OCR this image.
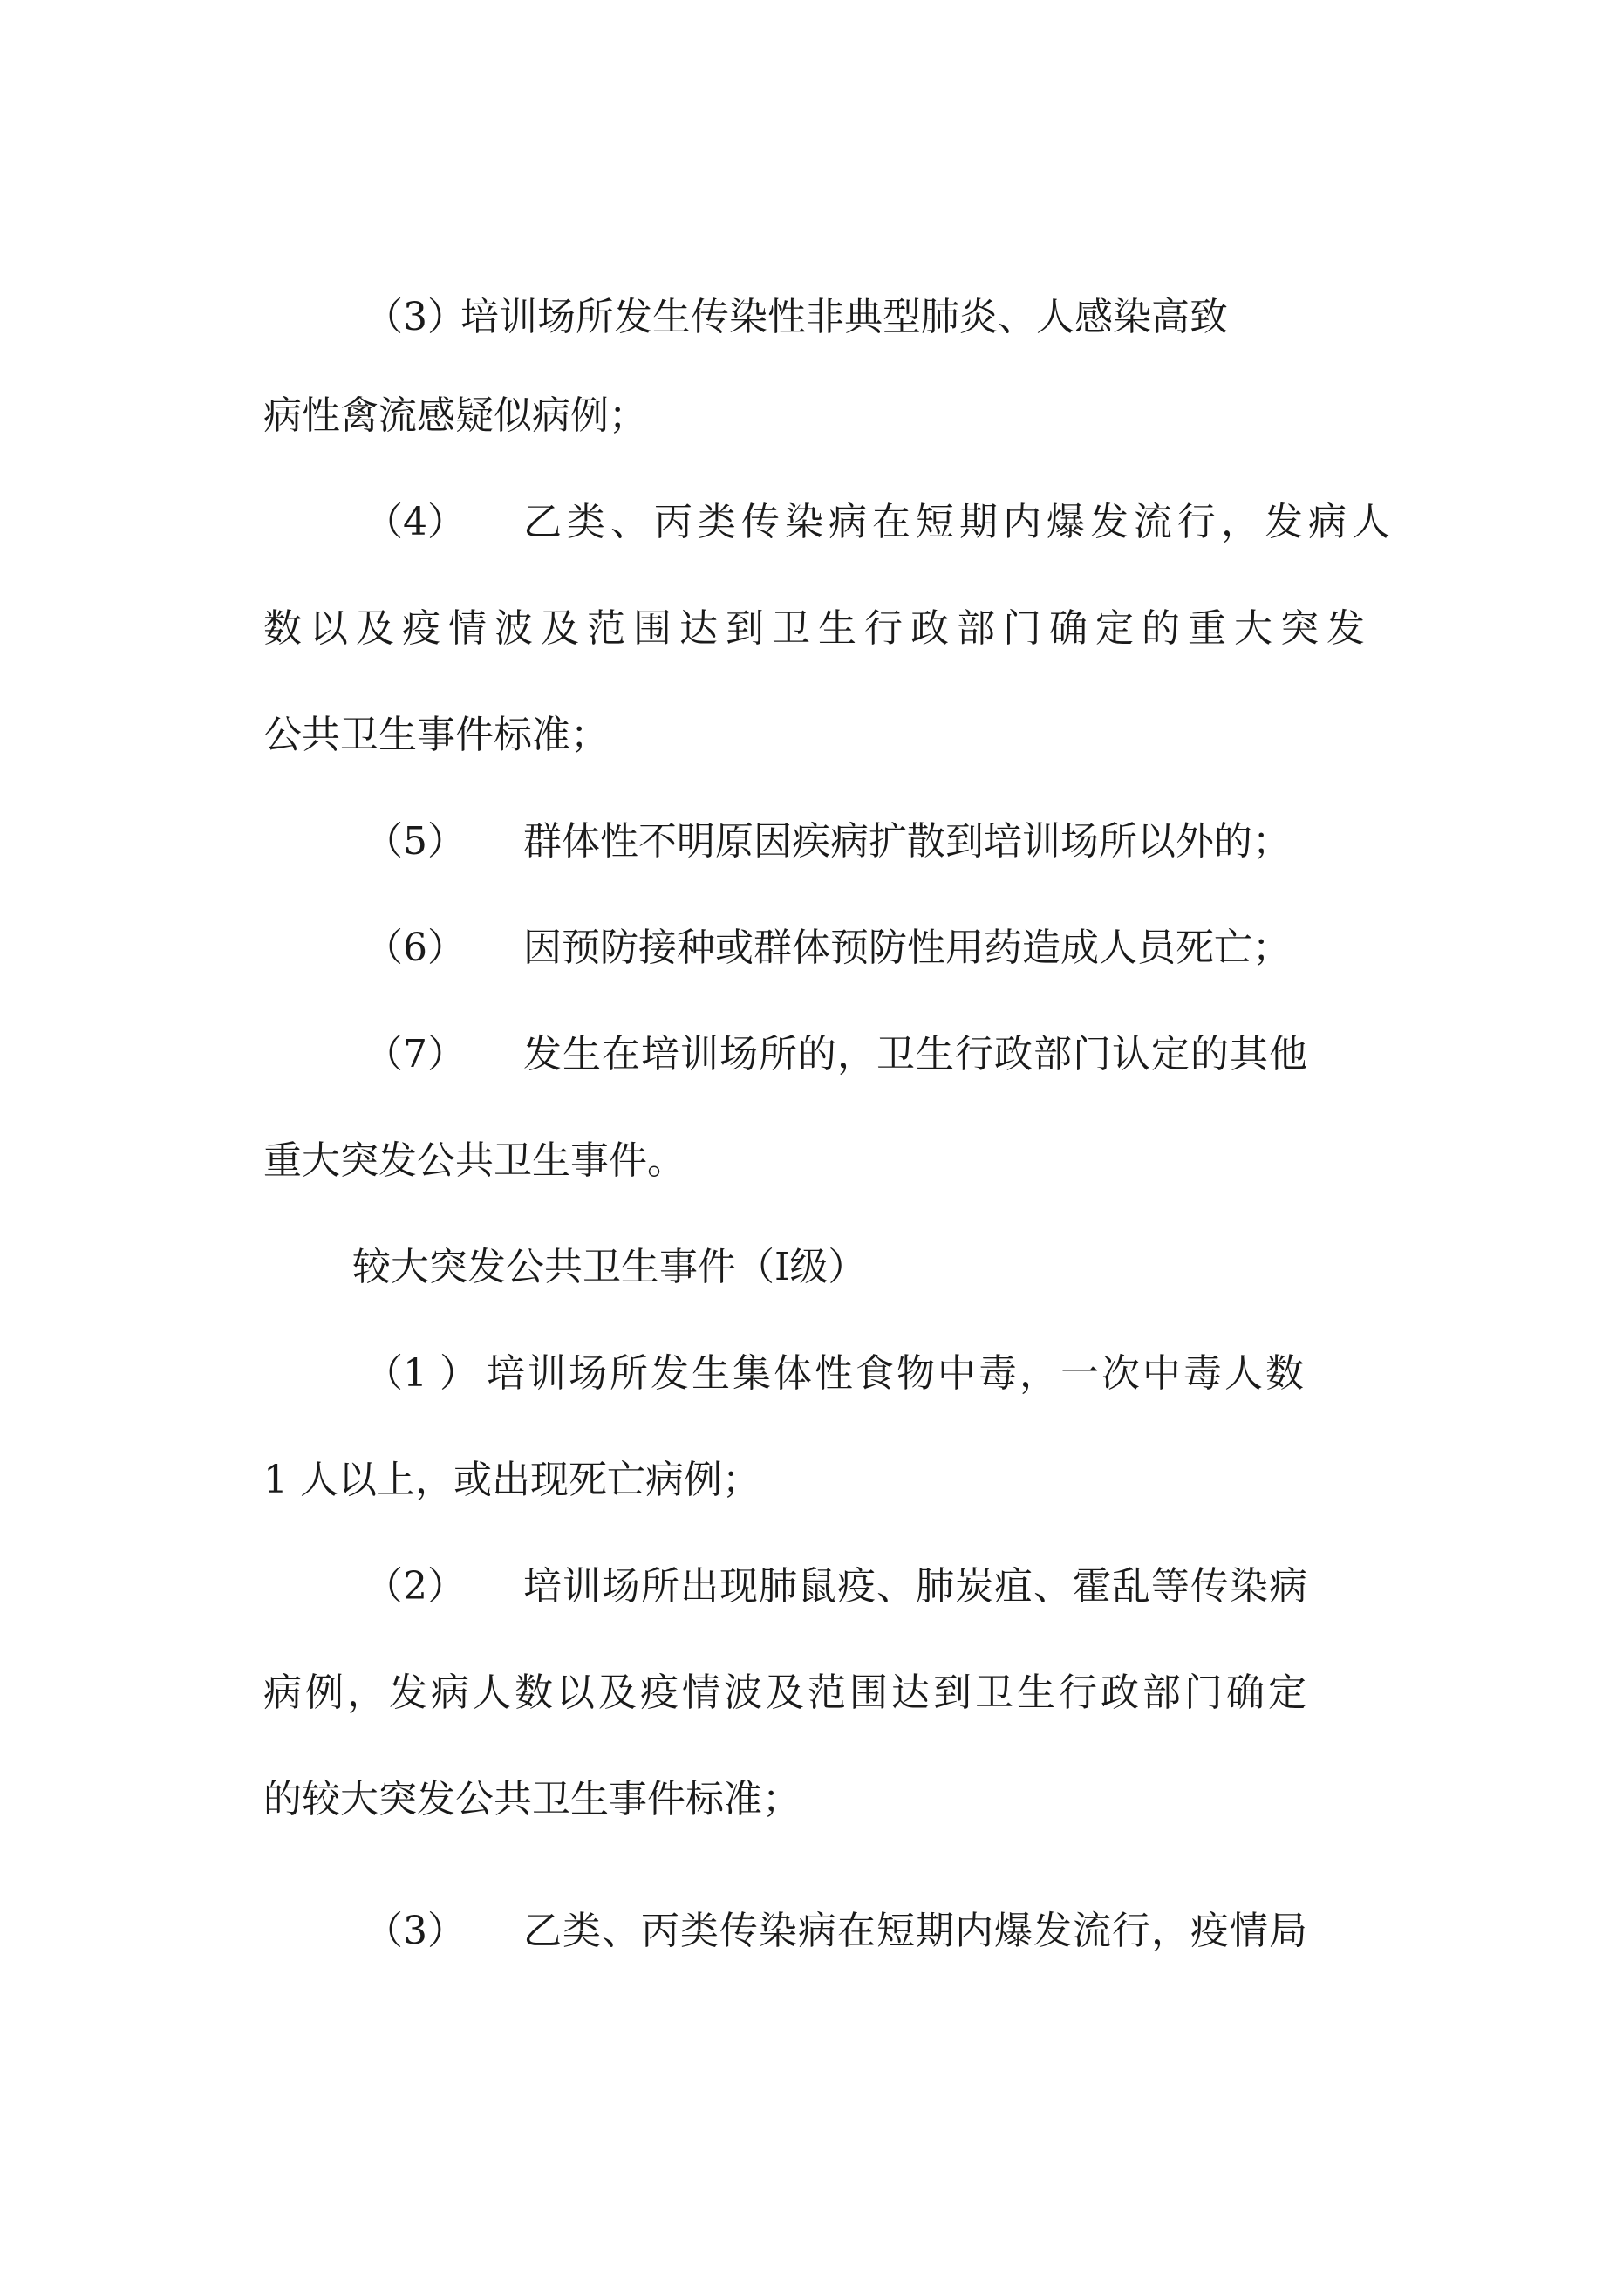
（3）
培训场所发生传染性非典型肺炎、人感染高致
病性禽流感疑似病例；
（4） 乙类、丙类传染病在短期内爆发流行，发病人
数以及疫情波及范围达到卫生行政部门确定的重大突发
公共卫生事件标准；
（5） 群体性不明原因疾病扩散到培训场所以外的；
（6） 因预防接种或群体预防性用药造成人员死亡；
（7） 发生在培训场所的，卫生行政部门认定的其他
重大突发公共卫生事件。
较大突发公共卫生事件（Ⅰ级）
（1 ） 培训场所发生集体性食物中毒，一次中毒人数
1 人以上，或出现死亡病例；
（2） 培训场所出现肺鼠疫、肺炭疽、霍乱等传染病
病例，发病人数以及疫情波及范围达到卫生行政部门确定
的较大突发公共卫生事件标准；
（3） 乙类、丙类传染病在短期内爆发流行，疫情局
